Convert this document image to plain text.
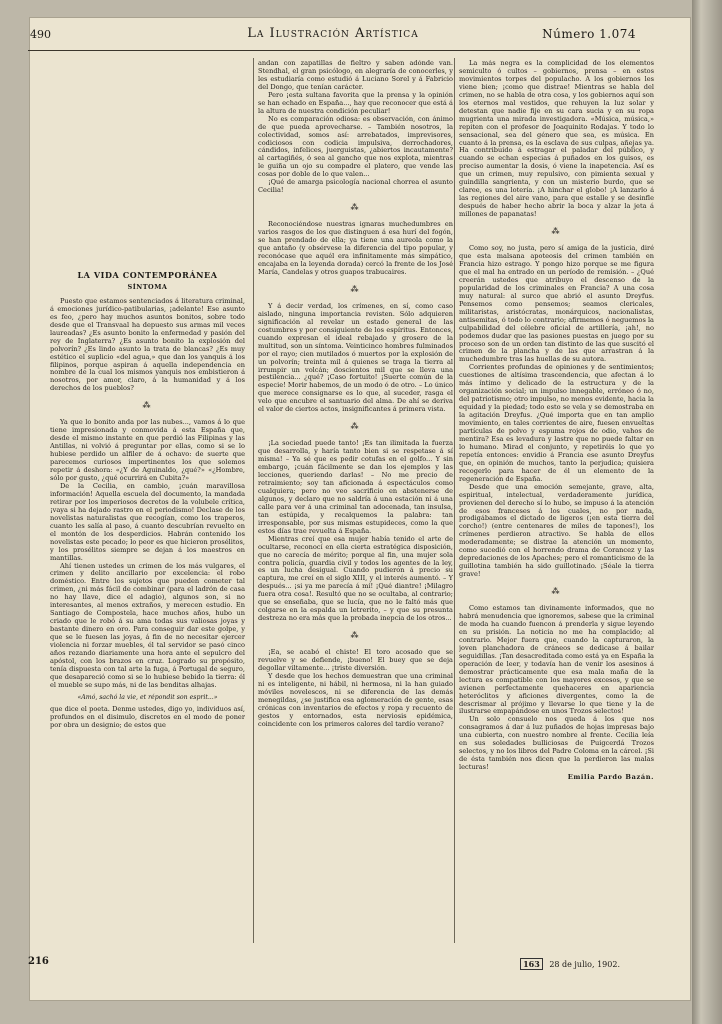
490	La Ilustración Artística	Número 1.074
LA VIDA CONTEMPORÁNEA
SÍNTOMA

Puesto que estamos sentenciados á literatura criminal, á emociones jurídico-patibularias, ¡adelante! Ese asunto es feo, ¿pero hay muchos asuntos bonitos, sobre todo desde que el Transvaal ha depuesto sus armas mil veces laureadas? ¿Es asunto bonito la enfermedad y pasión del rey de Inglaterra? ¿Es asunto bonito la explosión del polvorín? ¿Es lindo asunto la trata de blancas? ¿Es muy estético el suplicio «del agua,» que dan los yanquis á los filipinos, porque aspiran á aquella independencia en nombre de la cual los mismos yanquis nos embistieron á nosotros, por amor, claro, á la humanidad y á los derechos de los pueblos?

⁂

Ya que lo bonito anda por las nubes..., vamos á lo que tiene impresionada y conmovida á esta España que, desde el mismo instante en que perdió las Filipinas y las Antillas, ni volvió á preguntar por ellas, como si se lo hubiese perdido un alfiler de á ochavo: de suerte que parecemos curiosos impertinentes los que solemos repetir á deshora: «¿Y de Aguinaldo, ¿qué?» «¿Hombre, sólo por gusto, ¿qué ocurrirá en Cubita?»

De la Cecilia, en cambio, ¡cuán maravillosa información! Aquella escuela del documento, la mandada retirar por los imperiosos decretos de la volubele crítica, ¡vaya si ha dejado rastro en el periodismo! Declase de los novelistas naturalistas que recogían, como los traperos, cuanto les salía al paso, á cuanto descubrían revuelto en el montón de los desperdicios. Habrán contenido los novelistas este pecado; lo peor es que hicieron prosélitos, y los prosélitos siempre se dejan á los maestros en mantillas.

Ahí tienen ustedes un crimen de los más vulgares, el crimen y delito ancillario por excelencia: el robo doméstico. Entre los sujetos que pueden cometer tal crimen, ¿ni más fácil de combinar (para el ladrón de casa no hay llave, dice el adagio), algunos son, si no interesantes, al menos extraños, y merecen estudio. En Santiago de Compostela, hace muchos años, hubo un criado que le robó á su ama todas sus valiosas joyas y bastante dinero en oro. Para conseguir dar este golpe, y que se le fuesen las joyas, á fin de no necesitar ejercer violencia ni forzar muebles, él tal servidor se pasó cinco años rezando diariamente una hora ante el sepulcro del apóstol, con los brazos en cruz. Logrado su propósito, tenía dispuesta con tal arte la fuga, á Portugal de seguro, que desapareció como si se lo hubiese bebido la tierra: él el mueble se supo más, ni de las benditas alhajas.

«Amó, sachó la vie, et répondit son esprit...»

que dice el poeta. Denme ustedes, digo yo, individuos así, profundos en el disimulo, discretos en el modo de poner por obra un designio; de estos que

andan con zapatillas de fieltro y saben adónde van. Stendhal, el gran psicólogo, en alegraría de conocerles, y les estudiaría como estudió á Luciano Sorel y á Fabricio del Dongo, que tenían carácter.

Pero ¡esta sultana favorita que la prensa y la opinión se han echado en España..., hay que reconocer que está á la altura de nuestra condición peculiar!

No es comparación odiosa: es observación, con ánimo de que pueda aprovecharse. – También nosotros, la colectividad, somos así: arrebatados, imprevisores, codiciosos con codicia impulsiva, derrochadores, cándidos, infelices, juerguistas, ¿abiertos incautamente? al cartagiñés, ó sea al gancho que nos explota, mientras le guiña un ojo su compadre el platero, que vende las cosas por doble de lo que valen...

¡Qué de amarga psicología nacional chorrea el asunto Cecilia!

⁂

Reconociéndose nuestras ignaras muchedumbres en varios rasgos de los que distinguen á esa hurí del fogón, se han prendado de ella; ya tiene una aureola como la que antaño (y obsérvese la diferencia del tipo popular, y reconócase que aquél era infinitamente más simpático, encajaba en la leyenda dorada) cercó la frente de los José María, Candelas y otros guapos trabucaires.

⁂

Y á decir verdad, los crímenes, en sí, como caso aislado, ninguna importancia revisten. Sólo adquieren significación al revelar un estado general de las costumbres y por consiguiente de los espíritus. Entonces, cuando expresan el ideal rebajado y grosero de la multitud, son un síntoma. Veinticinco hombres fulminados por el rayo; cien mutilados ó muertos por la explosión de un polvorín; treinta mil á quienes se traga la tierra al irrumpir un volcán; doscientos mil que se lleva una pestilencia... ¿qué? ¡Caso fortuito! ¡Suerte común de la especie! Morir habemos, de un modo ó de otro. – Lo único que merece consignarse es lo que, al suceder, rasga el velo que encubre el santuario del alma. De ahí se deriva el valor de ciertos actos, insignificantes á primera vista.

⁂

¡La sociedad puede tanto! ¡Es tan ilimitada la fuerza que desarrolla, y haría tanto bien si se respetase á sí misma! – Ya sé que es pedir cotufas en el golfo... Y sin embargo, ¡cuán fácilmente se dan los ejemplos y las lecciones, queriendo darlas! – No me precio de retraimiento; soy tan aficionada á espectáculos como cualquiera; pero no veo sacrificio en abstenerse de algunos, y declaro que no saldría á una estación ni á una calle para ver á una criminal tan adocenada, tan insulsa, tan estúpida, y recalquemos la palabra: tan irresponsable, por sus mismas estupideces, como la que estos días trae revuelta á España.

Mientras creí que esa mujer había tenido el arte de ocultarse, reconocí en ella cierta estratégica disposición, que no carecía de mérito; porque al fin, una mujer sola contra policía, guardia civil y todos los agentes de la ley, es un lucha desigual. Cuando pudieron á precio su captura, me creí en el siglo XIII, y el interés aumentó. – Y después... ¡si ya me parecía á mí! ¡Qué diantre! ¡Milagro fuera otra cosa!. Resultó que no se ocultaba, al contrario; que se enseñaba, que se lucía, que no le faltó más que colgarse en la espalda un letrerito, – y que su presunta destreza no era más que la probada inepcia de los otros...

⁂

¡Ea, se acabó el chiste! El toro acosado que se revuelve y se defiende, ¡bueno! El buey que se deja degollar viltamente... ¡triste diversión.

Y desde que los hechos demuestran que una criminal ni es inteligente, ni hábil, ni hermosa, ni la han guiado móviles novelescos, ni se diferencia de las demás menegildas, ¿se justifica esa aglomeración de gente, esas crónicas con inventarios de efectos y ropa y recuento de gestos y entornados, esta nerviosis epidémica, coincidente con los primeros calores del tardío verano?

La más negra es la complicidad de los elementos semiculto ó cultos – gobiernos, prensa – en estos movimientos torpes del populacho. A los gobiernos les viene bien; ¡como que distrae! Mientras se habla del crimen, no se habla de otra cosa, y los gobiernos aquí son los eternos mal vestidos, que rehuyen la luz solar y detestan que nadie fije en su cara sucia y en su ropa mugrienta una mirada investigadora. «Música, música,» repiten con el profesor de Joaquinito Rodajas. Y todo lo sensacional, sea del género que sea, es música. En cuanto á la prensa, es la esclava de sus culpas, añejas ya. Ha contribuido á estragar el paladar del público, y cuando se echan especias á puñados en los guisos, es preciso aumentar la dosis, ó viene la inapetencia. Así es que un crimen, muy repulsivo, con pimienta sexual y guindilla sangrienta, y con un misterio burdo, que se claree, es una lotería. ¡A hinchar el globo! ¡A lanzarlo á las regiones del aire vano, para que estalle y se desinfle después de haber hecho abrir la boca y alzar la jeta á millones de papanatas!

⁂

Como soy, no justa, pero sí amiga de la justicia, diré que esta malsana apoteosis del crimen también en Francia hizo estrago. Y pongo hizo porque se me figura que el mal ha entrado en un período de remisión. – ¿Qué creerán ustedes que atribuyo el descenso de la popularidad de los criminales en Francia? A una cosa muy natural: al surco que abrió el asunto Dreyfus. Pensemos como pensemos; seamos clericales, militaristas, aristócratas, monárquicos, nacionalistas, antisemitas, ó todo lo contrario; afirmemos ó neguemos la culpabilidad del célebre oficial de artillería, ¡ah!, no podemos dudar que las pasiones puestas en juego por su proceso son de un orden tan distinto de las que suscitó el crimen de la plancha y de las que arrastran á la muchedumbre tras las huellas de su autora.

Corrientes profundas de opiniones y de sentimientos; cuestiones de altísima trascendencia, que afectan á lo más íntimo y delicado de la estructura y de la organización social; un impulso innegable, erróneo ó no, del patriotismo; otro impulso, no menos evidente, hacia la equidad y la piedad; todo esto se vela y se demostraba en la agitación Dreyfus. ¿Qué importa que en tan amplio movimiento, en tales corrientes de aire, fuesen envueltas partículas de polvo y espuma rojos de odio, vahos de mentira? Esa es levadura y lastre que no puede faltar en lo humano. Mirad el conjunto, y repetiréis lo que yo repetía entonces: envidio á Francia ese asunto Dreyfus que, en opinión de muchos, tanto la perjudica; quisiera recogerlo para hacer de él un elemento de la regeneración de España.

Desde que una emoción semejante, grave, alta, espiritual, intelectual, verdaderamente jurídica, provienen del derecho sí lo hubo, se impuso á la atención de esos franceses á los cuales, no por nada, prodigábamos el dictado de ligeros (¡en esta tierra del corcho!) (entre centenares de miles de tapones!), los crímenes perdieron atractivo. Se habla de ellos moderadamente; se distrae la atención un momento, como sucedió con el horrendo drama de Corancez y las depredaciones de los Apaches; pero el romanticismo de la guillotina también ha sido guillotinado. ¡Séale la tierra grave!

⁂

Como estamos tan divinamente informados, que no habrá menudencia que ignoremos, sabese que la criminal de moda ha cuando fuencon á prenderla y sigue leyendo en su prisión. La noticia no me ha complacido; al contrario. Mejor fuera que, cuando la capturaron, la joven planchadora de cráneos se dedicase á bailar seguidillas. ¡Tan desacreditada como está ya en España la operación de leer, y todavía han de venir los asesinos á demostrar prácticamente que esa mala maña de la lectura es compatible con los mayores excesos, y que se avienen perfectamente quehaceres en apariencia heteróclitos y aficiones divergentes, como la de descrismar al prójimo y llevarse lo que tiene y la de ilustrarse empapándose en unos Trozos selectos!

Un solo consuelo nos queda á los que nos consagramos á dar á luz puñados de hojas impresas bajo una cubierta, con nuestro nombre al frente. Cecilia leía en sus soledades bulliciosas de Puigcerdá Trozos selectos, y no los libros del Padre Coloma en la cárcel. ¡Si de ésta también nos dicen que la perdieron las malas lecturas!

Emilia Pardo Bazán.
216	163 28 de julio, 1902.
